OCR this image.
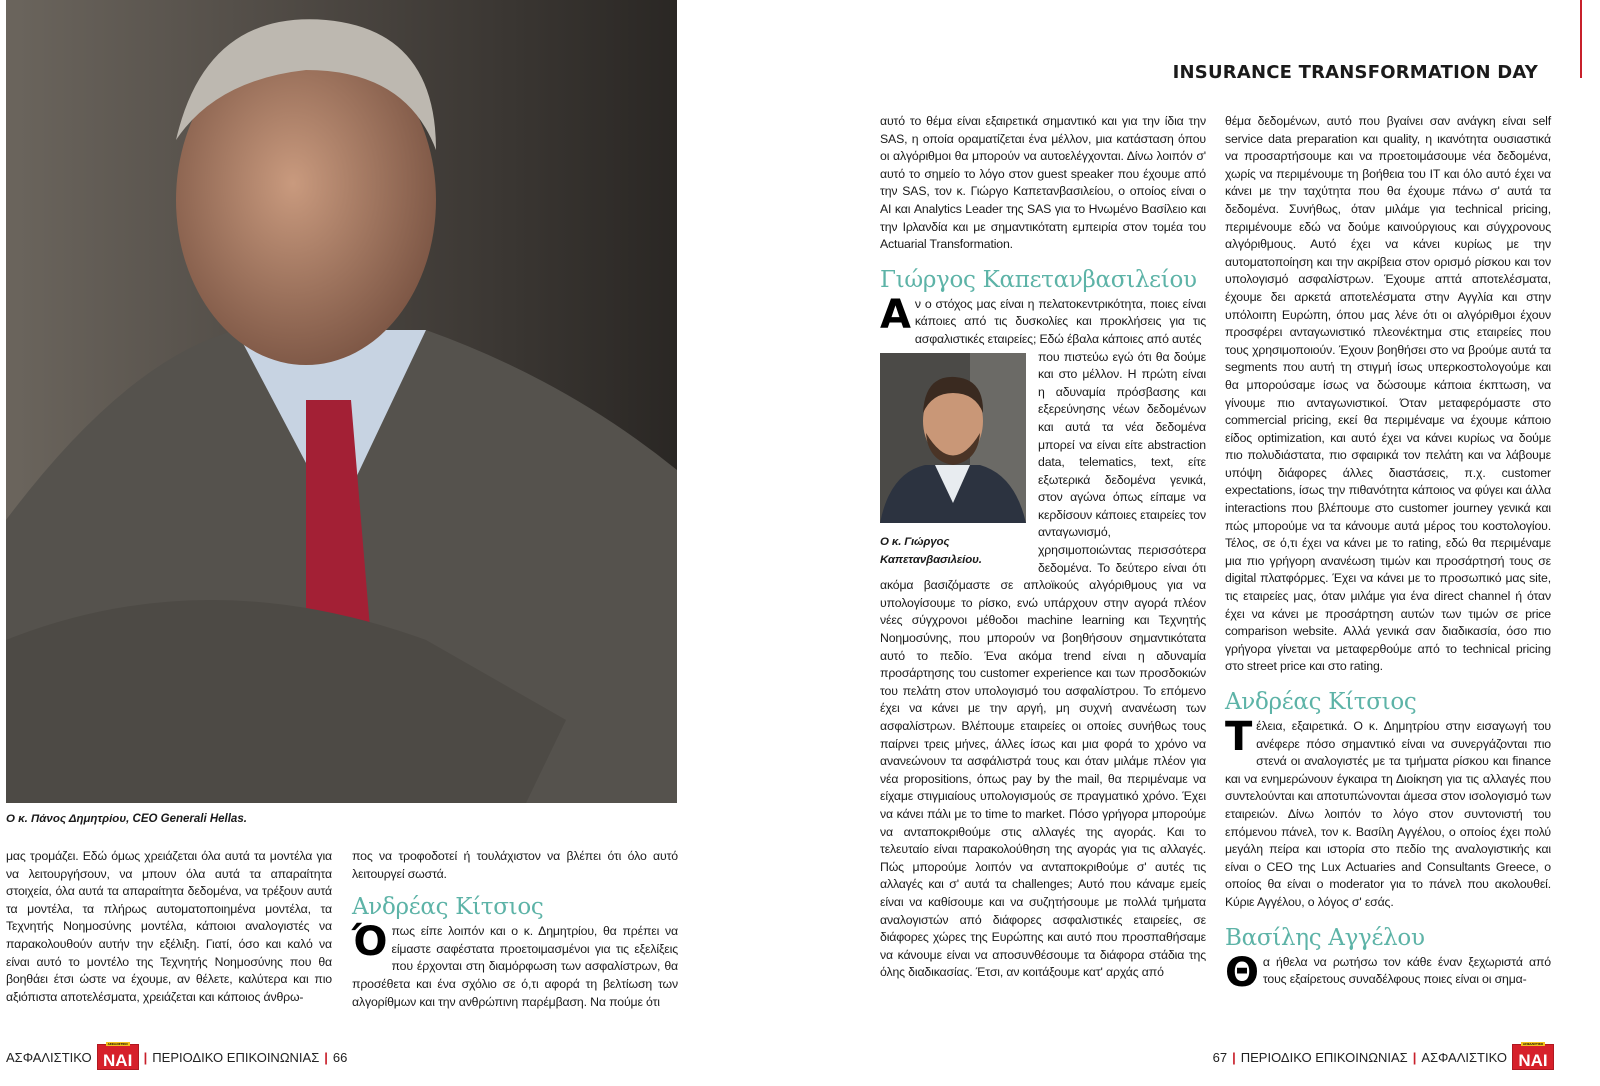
Ο κ. Πάνος Δημητρίου, CEO Generali Hellas.

μας τρομάζει. Εδώ όμως χρειάζεται όλα αυτά τα μοντέλα για να λειτουργήσουν, να μπουν όλα αυτά τα απαραίτητα στοιχεία, όλα αυτά τα απαραίτητα δεδομένα, να τρέξουν αυτά τα μοντέλα, τα πλήρως αυτοματοποιημένα μοντέλα, τα Τεχνητής Νοημοσύνης μοντέλα, κάποιοι αναλογιστές να παρακολουθούν αυτήν την εξέλιξη. Γιατί, όσο και καλό να είναι αυτό το μοντέλο της Τεχνητής Νοημοσύνης που θα βοηθάει έτσι ώστε να έχουμε, αν θέλετε, καλύτερα και πιο αξιόπιστα αποτελέσματα, χρειάζεται και κάποιος άνθρω-

πος να τροφοδοτεί ή τουλάχιστον να βλέπει ότι όλο αυτό λειτουργεί σωστά.

Ανδρέας Κίτσιος

Όπως είπε λοιπόν και ο κ. Δημητρίου, θα πρέπει να είμαστε σαφέστατα προετοιμασμένοι για τις εξελίξεις που έρχονται στη διαμόρφωση των ασφαλίστρων, θα προσέθετα και ένα σχόλιο σε ό,τι αφορά τη βελτίωση των αλγορίθμων και την ανθρώπινη παρέμβαση. Να πούμε ότι

ΑΣΦΑΛΙΣΤΙΚΟ
ΑΣΦΑΛΙΣΤΙΚΟ
ΝΑΙ | ΠΕΡΙΟΔΙΚΟ ΕΠΙΚΟΙΝΩΝΙΑΣ | 66
INSURANCE TRANSFORMATION DAY

αυτό το θέμα είναι εξαιρετικά σημαντικό και για την ίδια την SAS, η οποία οραματίζεται ένα μέλλον, μια κατάσταση όπου οι αλγόριθμοι θα μπορούν να αυτοελέγχονται. Δίνω λοιπόν σ' αυτό το σημείο το λόγο στον guest speaker που έχουμε από την SAS, τον κ. Γιώργο Καπετανβασιλείου, ο οποίος είναι ο AI και Analytics Leader της SAS για το Ηνωμένο Βασίλειο και την Ιρλανδία και με σημαντικότατη εμπειρία στον τομέα του Actuarial Transformation.

Γιώργος Καπετανβασιλείου

Αν ο στόχος μας είναι η πελατοκεντρικότητα, ποιες είναι κάποιες από τις δυσκολίες και προκλήσεις για τις ασφαλιστικές εταιρείες; Εδώ έβαλα κάποιες από αυτές

Ο κ. Γιώργος Καπετανβασιλείου.

που πιστεύω εγώ ότι θα δούμε και στο μέλλον. Η πρώτη είναι η αδυναμία πρόσβασης και εξερεύνησης νέων δεδομένων και αυτά τα νέα δεδομένα μπορεί να είναι είτε abstraction data, telematics, text, είτε εξωτερικά δεδομένα γενικά, στον αγώνα όπως είπαμε να κερδίσουν κάποιες εταιρείες τον ανταγωνισμό, χρησιμοποιώντας περισσότερα δεδομένα. Το δεύτερο είναι ότι ακόμα βασιζόμαστε σε απλοϊκούς αλγόριθμους για να υπολογίσουμε το ρίσκο, ενώ υπάρχουν στην αγορά πλέον νέες σύγχρονοι μέθοδοι machine learning και Τεχνητής Νοημοσύνης, που μπορούν να βοηθήσουν σημαντικότατα αυτό το πεδίο. Ένα ακόμα trend είναι η αδυναμία προσάρτησης του customer experience και των προσδοκιών του πελάτη στον υπολογισμό του ασφαλίστρου. Το επόμενο έχει να κάνει με την αργή, μη συχνή ανανέωση των ασφαλίστρων. Βλέπουμε εταιρείες οι οποίες συνήθως τους παίρνει τρεις μήνες, άλλες ίσως και μια φορά το χρόνο να ανανεώνουν τα ασφάλιστρά τους και όταν μιλάμε πλέον για νέα propositions, όπως pay by the mail, θα περιμέναμε να είχαμε στιγμιαίους υπολογισμούς σε πραγματικό χρόνο. Έχει να κάνει πάλι με το time to market. Πόσο γρήγορα μπορούμε να ανταποκριθούμε στις αλλαγές της αγοράς. Και το τελευταίο είναι παρακολούθηση της αγοράς για τις αλλαγές. Πώς μπορούμε λοιπόν να ανταποκριθούμε σ' αυτές τις αλλαγές και σ' αυτά τα challenges; Αυτό που κάναμε εμείς είναι να καθίσουμε και να συζητήσουμε με πολλά τμήματα αναλογιστών από διάφορες ασφαλιστικές εταιρείες, σε διάφορες χώρες της Ευρώπης και αυτό που προσπαθήσαμε να κάνουμε είναι να αποσυνθέσουμε τα διάφορα στάδια της όλης διαδικασίας. Έτσι, αν κοιτάξουμε κατ' αρχάς από

θέμα δεδομένων, αυτό που βγαίνει σαν ανάγκη είναι self service data preparation και quality, η ικανότητα ουσιαστικά να προσαρτήσουμε και να προετοιμάσουμε νέα δεδομένα, χωρίς να περιμένουμε τη βοήθεια του IT και όλο αυτό έχει να κάνει με την ταχύτητα που θα έχουμε πάνω σ' αυτά τα δεδομένα. Συνήθως, όταν μιλάμε για technical pricing, περιμένουμε εδώ να δούμε καινούργιους και σύγχρονους αλγόριθμους. Αυτό έχει να κάνει κυρίως με την αυτοματοποίηση και την ακρίβεια στον ορισμό ρίσκου και τον υπολογισμό ασφαλίστρων. Έχουμε απτά αποτελέσματα, έχουμε δει αρκετά αποτελέσματα στην Αγγλία και στην υπόλοιπη Ευρώπη, όπου μας λένε ότι οι αλγόριθμοι έχουν προσφέρει ανταγωνιστικό πλεονέκτημα στις εταιρείες που τους χρησιμοποιούν. Έχουν βοηθήσει στο να βρούμε αυτά τα segments που αυτή τη στιγμή ίσως υπερκοστολογούμε και θα μπορούσαμε ίσως να δώσουμε κάποια έκπτωση, να γίνουμε πιο ανταγωνιστικοί. Όταν μεταφερόμαστε στο commercial pricing, εκεί θα περιμέναμε να έχουμε κάποιο είδος optimization, και αυτό έχει να κάνει κυρίως να δούμε πιο πολυδιάστατα, πιο σφαιρικά τον πελάτη και να λάβουμε υπόψη διάφορες άλλες διαστάσεις, π.χ. customer expectations, ίσως την πιθανότητα κάποιος να φύγει και άλλα interactions που βλέπουμε στο customer journey γενικά και πώς μπορούμε να τα κάνουμε αυτά μέρος του κοστολογίου. Τέλος, σε ό,τι έχει να κάνει με το rating, εδώ θα περιμέναμε μια πιο γρήγορη ανανέωση τιμών και προσάρτησή τους σε digital πλατφόρμες. Έχει να κάνει με το προσωπικό μας site, τις εταιρείες μας, όταν μιλάμε για ένα direct channel ή όταν έχει να κάνει με προσάρτηση αυτών των τιμών σε price comparison website. Αλλά γενικά σαν διαδικασία, όσο πιο γρήγορα γίνεται να μεταφερθούμε από το technical pricing στο street price και στο rating.

Ανδρέας Κίτσιος

Τέλεια, εξαιρετικά. Ο κ. Δημητρίου στην εισαγωγή του ανέφερε πόσο σημαντικό είναι να συνεργάζονται πιο στενά οι αναλογιστές με τα τμήματα ρίσκου και finance και να ενημερώνουν έγκαιρα τη Διοίκηση για τις αλλαγές που συντελούνται και αποτυπώνονται άμεσα στον ισολογισμό των εταιρειών. Δίνω λοιπόν το λόγο στον συντονιστή του επόμενου πάνελ, τον κ. Βασίλη Αγγέλου, ο οποίος έχει πολύ μεγάλη πείρα και ιστορία στο πεδίο της αναλογιστικής και είναι ο CEO της Lux Actuaries and Consultants Greece, ο οποίος θα είναι ο moderator για το πάνελ που ακολουθεί. Κύριε Αγγέλου, ο λόγος σ' εσάς.

Βασίλης Αγγέλου

Θα ήθελα να ρωτήσω τον κάθε έναν ξεχωριστά από τους εξαίρετους συναδέλφους ποιες είναι οι σημα-

67 | ΠΕΡΙΟΔΙΚΟ ΕΠΙΚΟΙΝΩΝΙΑΣ | ΑΣΦΑΛΙΣΤΙΚΟ
ΑΣΦΑΛΙΣΤΙΚΟ
ΝΑΙ
